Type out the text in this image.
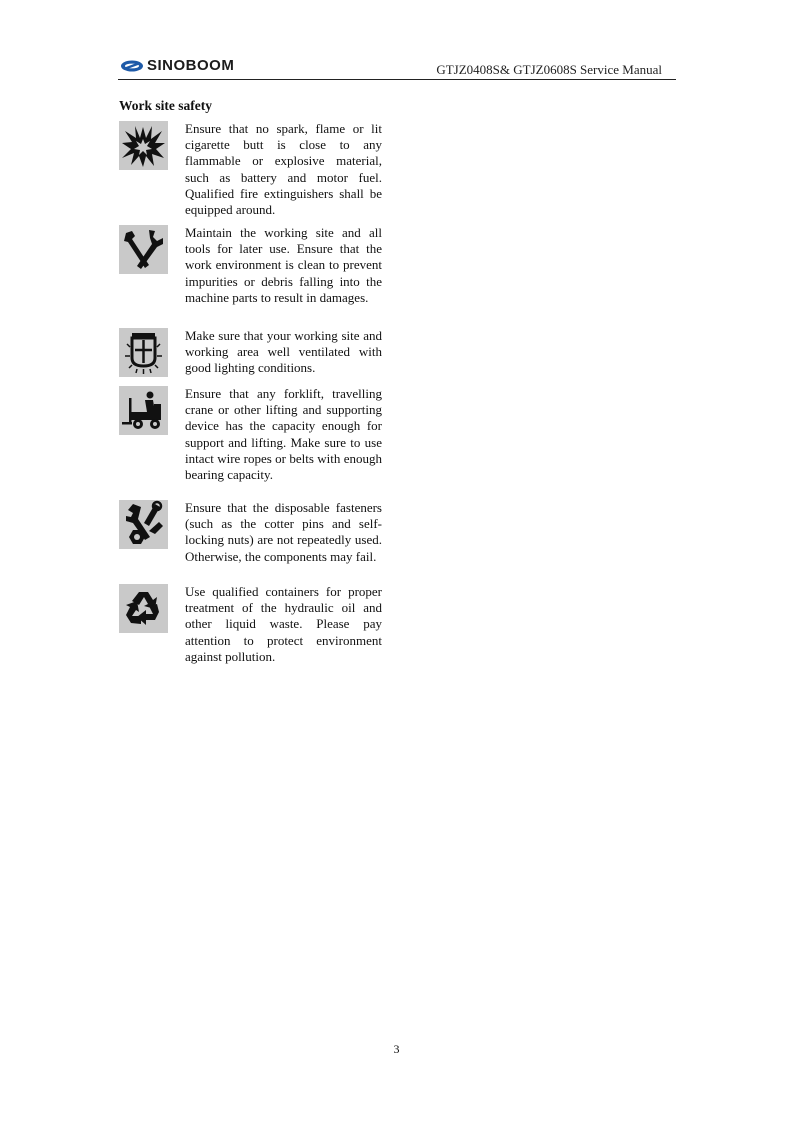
SINOBOOM	GTJZ0408S& GTJZ0608S Service Manual
Work site safety
Ensure that no spark, flame or lit cigarette butt is close to any flammable or explosive material, such as battery and motor fuel. Qualified fire extinguishers shall be equipped around.
Maintain the working site and all tools for later use. Ensure that the work environment is clean to prevent impurities or debris falling into the machine parts to result in damages.
Make sure that your working site and working area well ventilated with good lighting conditions.
Ensure that any forklift, travelling crane or other lifting and supporting device has the capacity enough for support and lifting. Make sure to use intact wire ropes or belts with enough bearing capacity.
Ensure that the disposable fasteners (such as the cotter pins and self-locking nuts) are not repeatedly used. Otherwise, the components may fail.
Use qualified containers for proper treatment of the hydraulic oil and other liquid waste. Please pay attention to protect environment against pollution.
3
